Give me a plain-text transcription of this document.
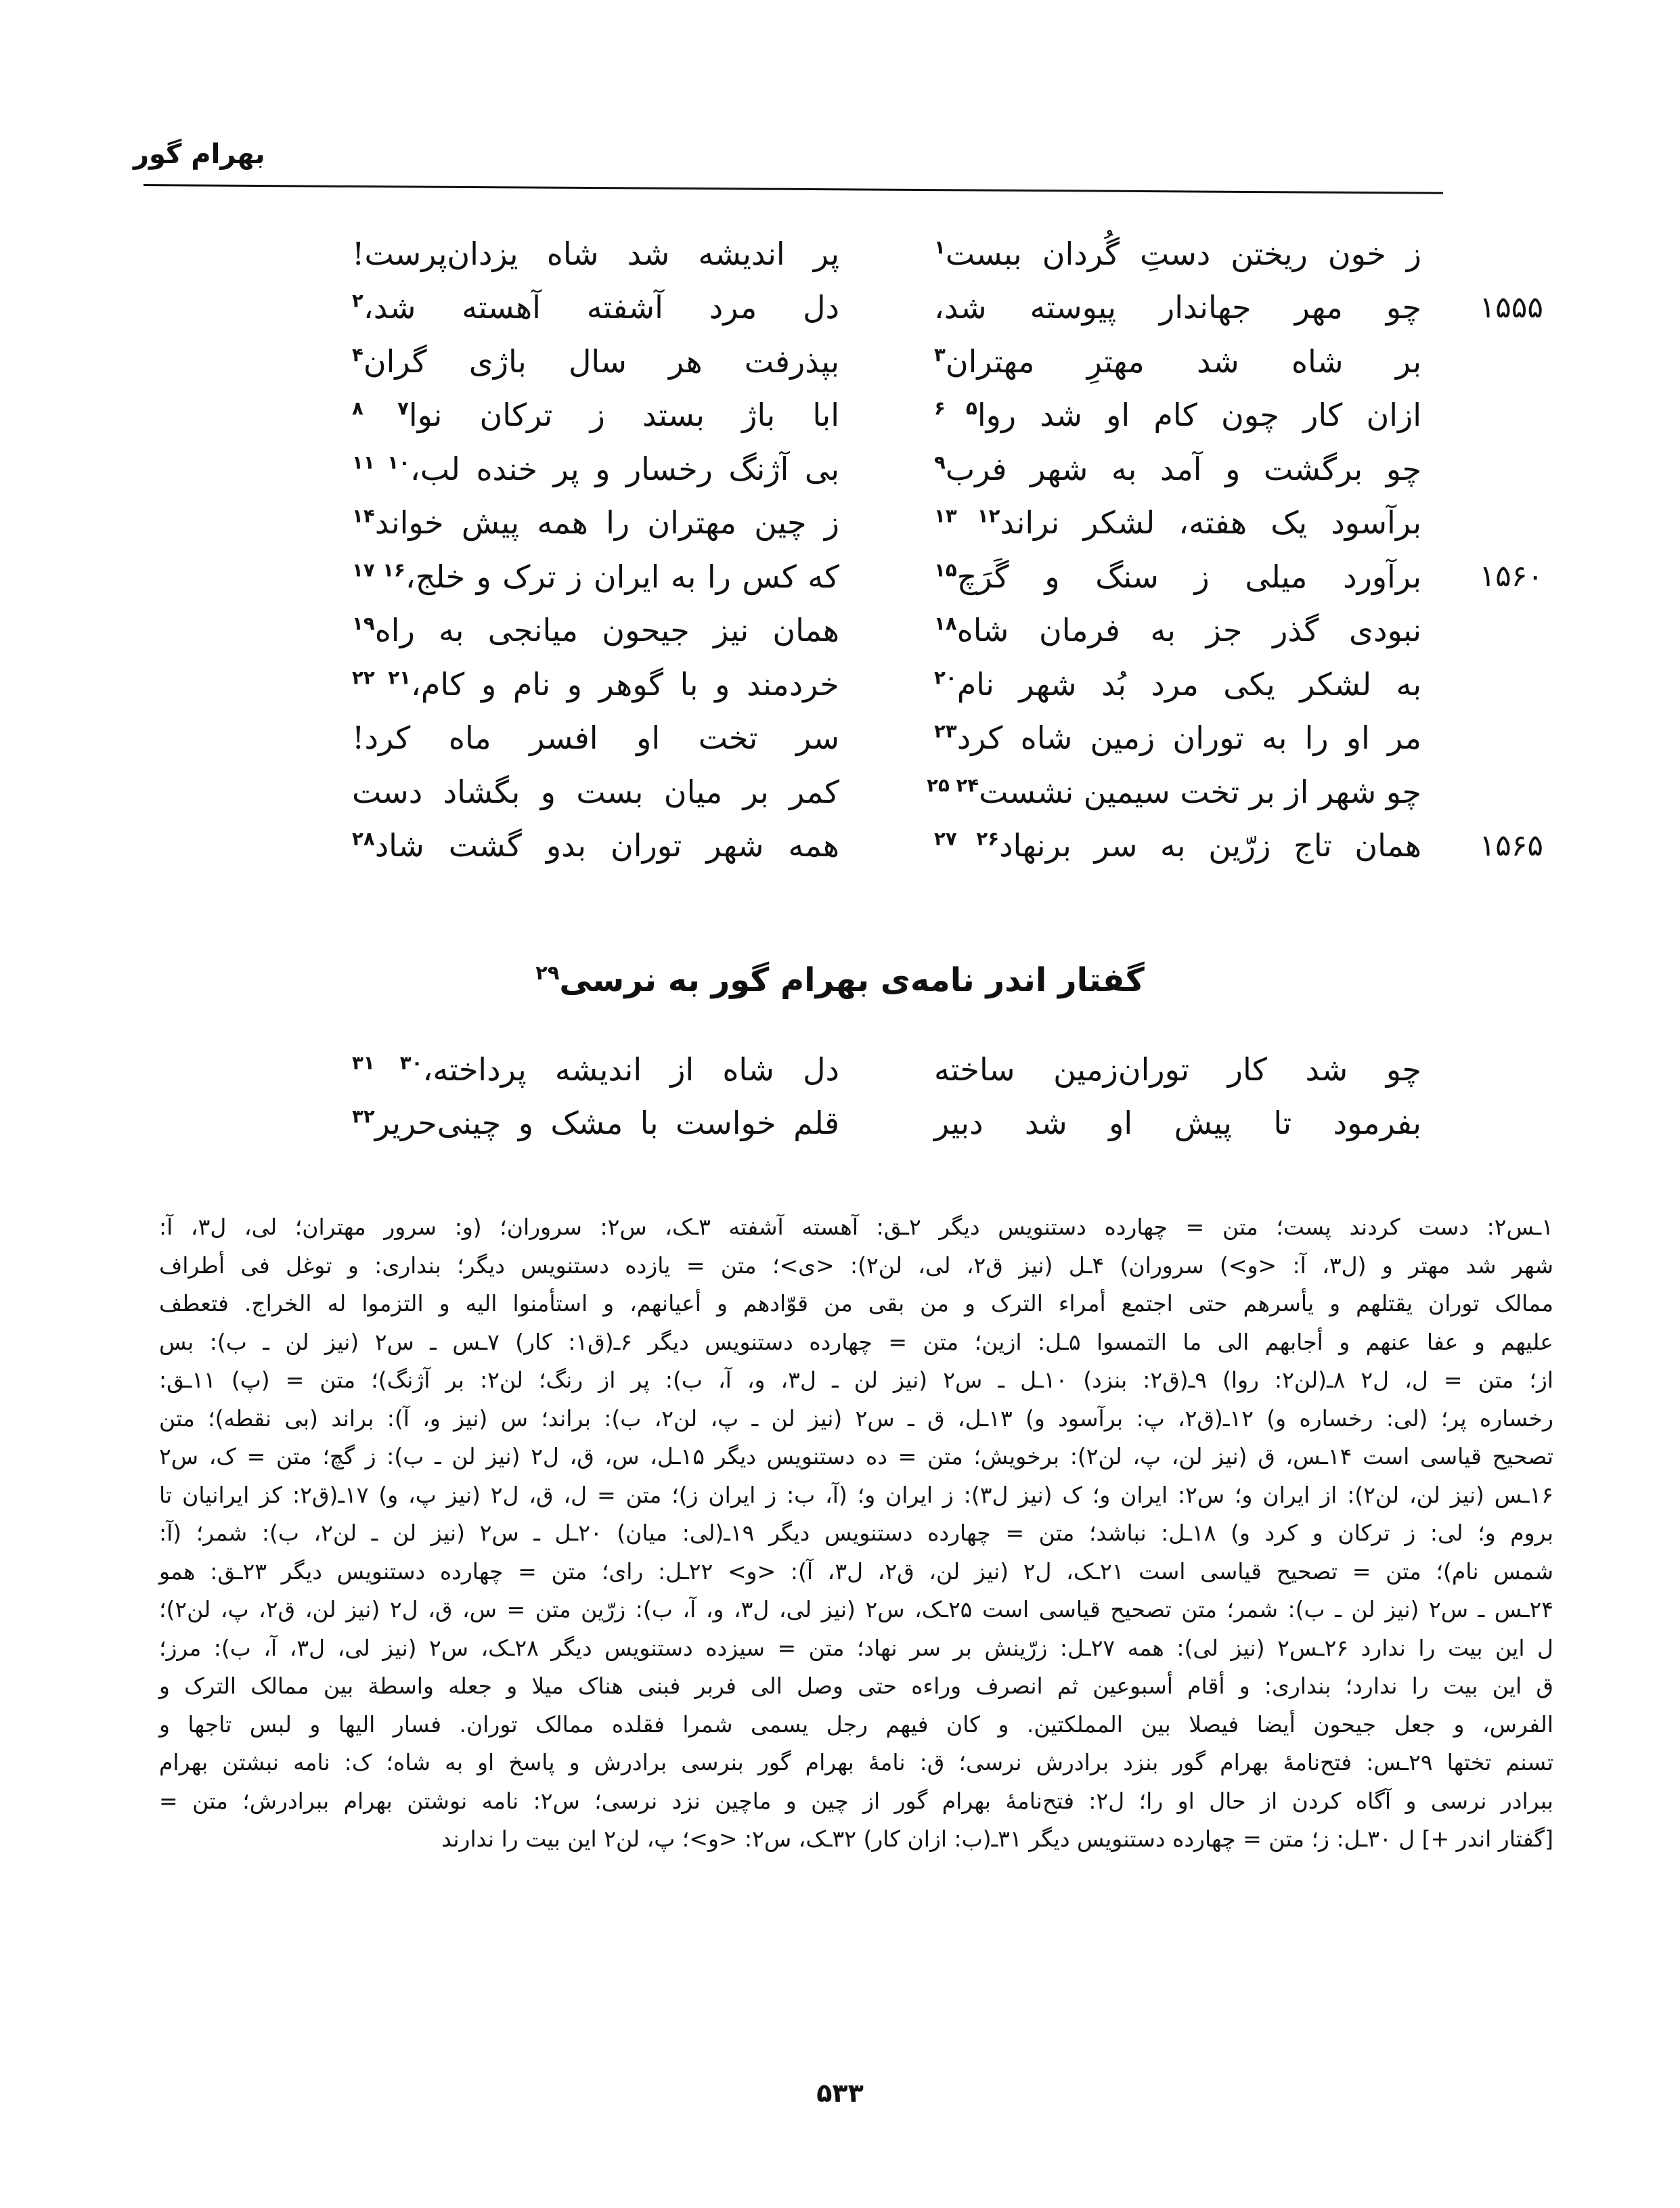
بهرام گور
ز خون ریختن دستِ گُردان ببست$^۱$
پر اندیشه شد شاه یزدان‌پرست!
۱۵۵۵
چو مهر جهاندار پیوسته شد،
دل مرد آشفته آهسته شد،$^۲$
بر شاه شد مهترِ مهتران$^۳$
بپذرفت هر سال باژی گران$^۴$
ازان کار چون کام او شد روا$^{۵ ۶}$
ابا باژ بستد ز ترکان نوا$^{۷ ۸}$
چو برگشت و آمد به شهر فرب$^۹$
بی آژنگ رخسار و پر خنده لب،$^{۱۰ ۱۱}$
برآسود یک هفته، لشکر نراند$^{۱۲ ۱۳}$
ز چین مهتران را همه پیش خواند$^{۱۴}$
۱۵۶۰
برآورد میلی ز سنگ و گَرَچ$^{۱۵}$
که کس را به ایران ز ترک و خلج،$^{۱۶ ۱۷}$
نبودی گذر جز به فرمان شاه$^{۱۸}$
همان نیز جیحون میانجی به راه$^{۱۹}$
به لشکر یکی مرد بُد شهر نام$^{۲۰}$
خردمند و با گوهر و نام و کام،$^{۲۱ ۲۲}$
مر او را به توران زمین شاه کرد$^{۲۳}$
سر تخت او افسر ماه کرد!
چو شهر از بر تخت سیمین نشست$^{۲۴ ۲۵}$
کمر بر میان بست و بگشاد دست
۱۵۶۵
همان تاج زرّین به سر برنهاد$^{۲۶ ۲۷}$
همه شهر توران بدو گشت شاد$^{۲۸}$
گفتار اندر نامه‌ی بهرام گور به نرسی$^{۲۹}$
چو شد کار توران‌زمین ساخته
دل شاه از اندیشه پرداخته،$^{۳۰ ۳۱}$
بفرمود تا پیش او شد دبیر
قلم خواست با مشک و چینی‌حریر$^{۳۲}$
۱ـس۲: دست کردند پست؛ متن = چهارده دستنویس دیگر ۲ـق: آهسته آشفته ۳ـک، س۲: سروران؛ (و: سرور مهتران؛ لی، ل۳، آ:
شهر شد مهتر و (ل۳، آ: <و>) سروران) ۴ـل (نیز ق۲، لی، لن۲): <ی>؛ متن = یازده دستنویس دیگر؛ بنداری: و توغل فی أطراف
ممالک توران یقتلهم و یأسرهم حتی اجتمع أمراء الترک و من بقی من قوّادهم و أعیانهم، و استأمنوا الیه و التزموا له الخراج. فتعطف
علیهم و عفا عنهم و أجابهم الی ما التمسوا ۵ـل: ازین؛ متن = چهارده دستنویس دیگر ۶ـ(ق۱: کار) ۷ـس ـ س۲ (نیز لن ـ ب): بس
از؛ متن = ل، ل۲ ۸ـ(لن۲: روا) ۹ـ(ق۲: بنزد) ۱۰ـل ـ س۲ (نیز لن ـ ل۳، و، آ، ب): پر از رنگ؛ لن۲: بر آژنگ)؛ متن = (پ) ۱۱ـق:
رخساره پر؛ (لی: رخساره و) ۱۲ـ(ق۲، پ: برآسود و) ۱۳ـل، ق ـ س۲ (نیز لن ـ پ، لن۲، ب): براند؛ س (نیز و، آ): براند (بی نقطه)؛ متن
تصحیح قیاسی است ۱۴ـس، ق (نیز لن، پ، لن۲): برخویش؛ متن = ده دستنویس دیگر ۱۵ـل، س، ق، ل۲ (نیز لن ـ ب): ز گچ؛ متن = ک، س۲
۱۶ـس (نیز لن، لن۲): از ایران و؛ س۲: ایران و؛ ک (نیز ل۳): ز ایران و؛ (آ، ب: ز ایران ز)؛ متن = ل، ق، ل۲ (نیز پ، و) ۱۷ـ(ق۲: کز ایرانیان تا
بروم و؛ لی: ز ترکان و کرد و) ۱۸ـل: نباشد؛ متن = چهارده دستنویس دیگر ۱۹ـ(لی: میان) ۲۰ـل ـ س۲ (نیز لن ـ لن۲، ب): شمر؛ (آ:
شمس نام)؛ متن = تصحیح قیاسی است ۲۱ـک، ل۲ (نیز لن، ق۲، ل۳، آ): <و> ۲۲ـل: رای؛ متن = چهارده دستنویس دیگر ۲۳ـق: همو
۲۴ـس ـ س۲ (نیز لن ـ ب): شمر؛ متن تصحیح قیاسی است ۲۵ـک، س۲ (نیز لی، ل۳، و، آ، ب): زرّین متن = س، ق، ل۲ (نیز لن، ق۲، پ، لن۲)؛
ل این بیت را ندارد ۲۶ـس۲ (نیز لی): همه ۲۷ـل: زرّینش بر سر نهاد؛ متن = سیزده دستنویس دیگر ۲۸ـک، س۲ (نیز لی، ل۳، آ، ب): مرز؛
ق این بیت را ندارد؛ بنداری: و أقام أسبوعین ثم انصرف وراءه حتی وصل الی فربر فبنی هناک میلا و جعله واسطة بین ممالک الترک و
الفرس، و جعل جیحون أیضا فیصلا بین المملکتین. و کان فیهم رجل یسمی شمرا فقلده ممالک توران. فسار الیها و لبس تاجها و
تسنم تختها ۲۹ـس: فتح‌نامهٔ بهرام گور بنزد برادرش نرسی؛ ق: نامهٔ بهرام گور بنرسی برادرش و پاسخ او به شاه؛ ک: نامه نبشتن بهرام
ببرادر نرسی و آگاه کردن از حال او را؛ ل۲: فتح‌نامهٔ بهرام گور از چین و ماچین نزد نرسی؛ س۲: نامه نوشتن بهرام ببرادرش؛ متن =
[گفتار اندر +] ل ۳۰ـل: ز؛ متن = چهارده دستنویس دیگر ۳۱ـ(ب: ازان کار) ۳۲ـک، س۲: <و>؛ پ، لن۲ این بیت را ندارند
۵۳۳
